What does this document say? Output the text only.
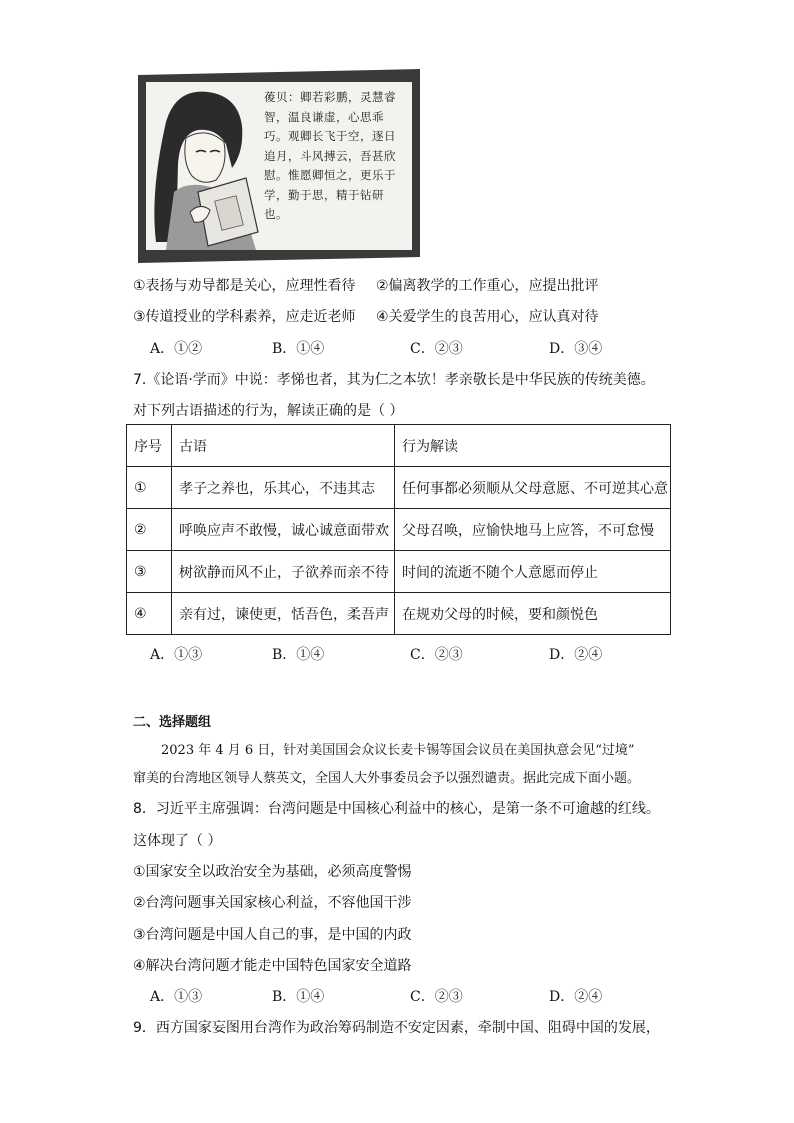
葰贝：卿若彩鹏，灵慧睿智，温良谦虚，心思乖巧。观卿长飞于空，逐日追月，斗风搏云，吾甚欣慰。惟愿卿恒之，更乐于学，勤于思，精于钻研也。
①表扬与劝导都是关心，应理性看待 ②偏离教学的工作重心，应提出批评
③传道授业的学科素养，应走近老师 ④关爱学生的良苦用心，应认真对待
A．①②	B．①④	C．②③	D．③④
7.《论语·学而》中说：孝悌也者，其为仁之本欤！孝亲敬长是中华民族的传统美德。
对下列古语描述的行为，解读正确的是（ ）
序号	古语	行为解读
①	孝子之养也，乐其心，不违其志	任何事都必须顺从父母意愿、不可逆其心意
②	呼唤应声不敢慢，诚心诚意面带欢	父母召唤，应愉快地马上应答，不可怠慢
③	树欲静而风不止，子欲养而亲不待	时间的流逝不随个人意愿而停止
④	亲有过，谏使更，恬吾色，柔吾声	在规劝父母的时候，要和颜悦色
A．①③	B．①④	C．②③	D．②④
二、选择题组
2023 年 4 月 6 日，针对美国国会众议长麦卡锡等国会议员在美国执意会见“过境”
窜美的台湾地区领导人蔡英文，全国人大外事委员会予以强烈谴责。据此完成下面小题。
8．习近平主席强调：台湾问题是中国核心利益中的核心，是第一条不可逾越的红线。
这体现了（ ）
①国家安全以政治安全为基础，必须高度警惕
②台湾问题事关国家核心利益，不容他国干涉
③台湾问题是中国人自己的事，是中国的内政
④解决台湾问题才能走中国特色国家安全道路
A．①③	B．①④	C．②③	D．②④
9．西方国家妄图用台湾作为政治筹码制造不安定因素，牵制中国、阻碍中国的发展，
